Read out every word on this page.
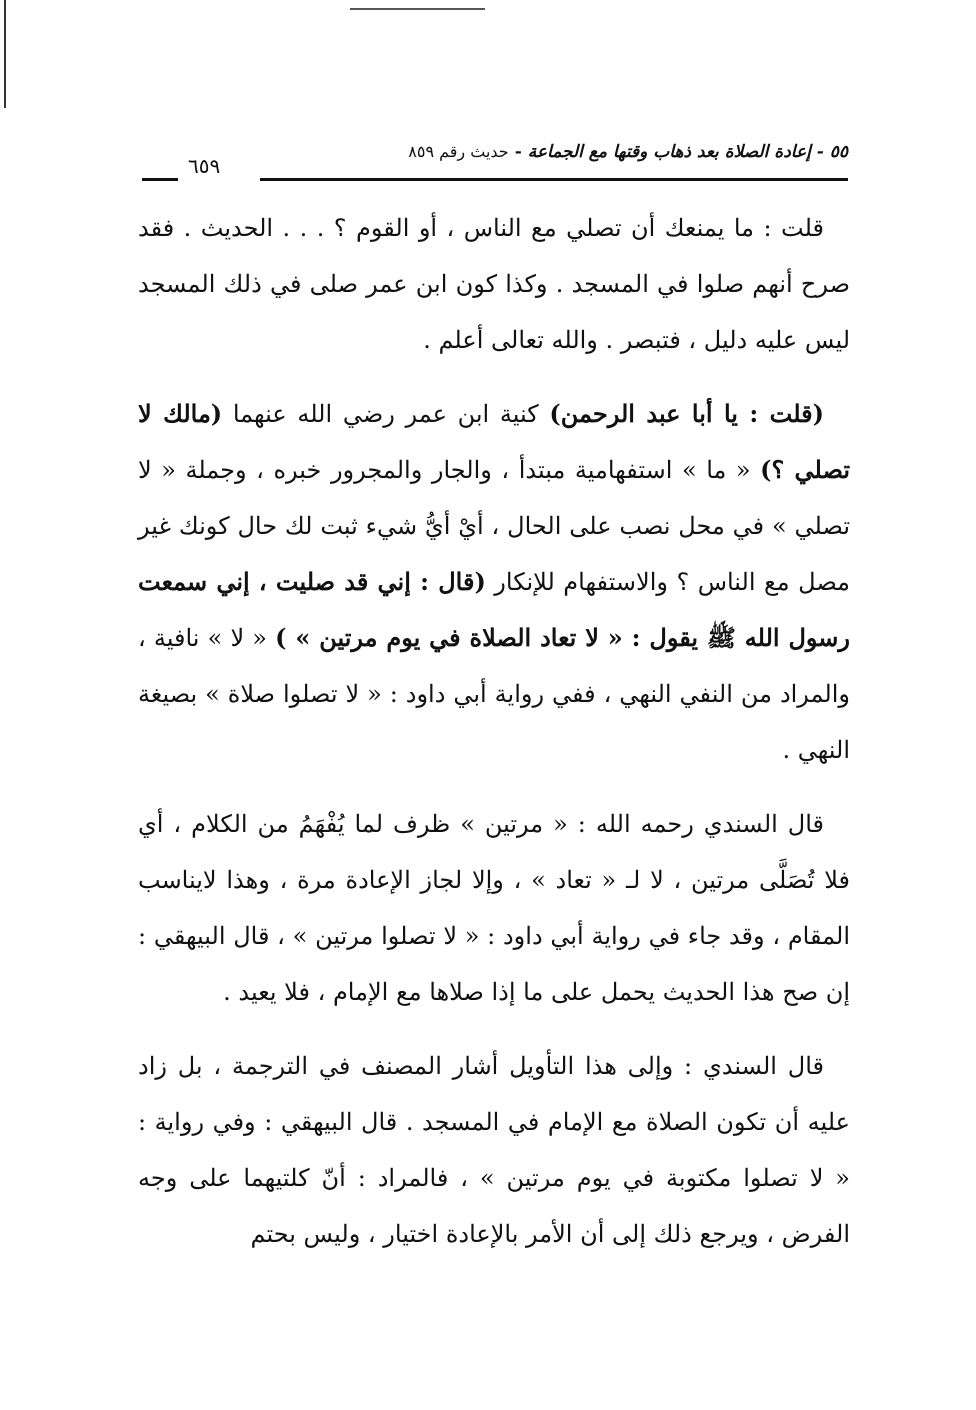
٥٥ - إعادة الصلاة بعد ذهاب وقتها مع الجماعة-حديث رقم ٨٥٩
٦٥٩

قلت : ما يمنعك أن تصلي مع الناس ، أو القوم ؟ . . . الحديث . فقد صرح أنهم صلوا في المسجد . وكذا كون ابن عمر صلى في ذلك المسجد ليس عليه دليل ، فتبصر . والله تعالى أعلم .

(قلت : يا أبا عبد الرحمن) كنية ابن عمر رضي الله عنهما (مالك لا تصلي ؟) « ما » استفهامية مبتدأ ، والجار والمجرور خبره ، وجملة « لا تصلي » في محل نصب على الحال ، أيْ أيُّ شيء ثبت لك حال كونك غير مصل مع الناس ؟ والاستفهام للإنكار (قال : إني قد صليت ، إني سمعت رسول الله ﷺ يقول : « لا تعاد الصلاة في يوم مرتين » ) « لا » نافية ، والمراد من النفي النهي ، ففي رواية أبي داود : « لا تصلوا صلاة » بصيغة النهي .

قال السندي رحمه الله : « مرتين » ظرف لما يُفْهَمُ من الكلام ، أي فلا تُصَلَّى مرتين ، لا لـ « تعاد » ، وإلا لجاز الإعادة مرة ، وهذا لايناسب المقام ، وقد جاء في رواية أبي داود : « لا تصلوا مرتين » ، قال البيهقي : إن صح هذا الحديث يحمل على ما إذا صلاها مع الإمام ، فلا يعيد .

قال السندي : وإلى هذا التأويل أشار المصنف في الترجمة ، بل زاد عليه أن تكون الصلاة مع الإمام في المسجد . قال البيهقي : وفي رواية : « لا تصلوا مكتوبة في يوم مرتين » ، فالمراد : أنّ كلتيهما على وجه الفرض ، ويرجع ذلك إلى أن الأمر بالإعادة اختيار ، وليس بحتم
